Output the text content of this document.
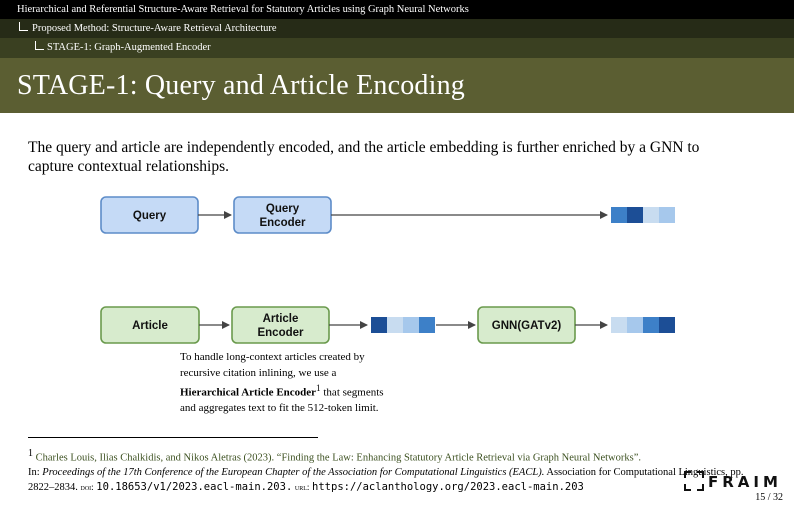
Hierarchical and Referential Structure-Aware Retrieval for Statutory Articles using Graph Neural Networks
Proposed Method: Structure-Aware Retrieval Architecture
STAGE-1: Graph-Augmented Encoder
STAGE-1: Query and Article Encoding
The query and article are independently encoded, and the article embedding is further enriched by a GNN to capture contextual relationships.
Query
Query
Encoder
Article
Article
Encoder
GNN(GATv2)
To handle long-context articles created by recursive citation inlining, we use a Hierarchical Article Encoder$^1$ that segments and aggregates text to fit the 512-token limit.
$^1$ Charles Louis, Ilias Chalkidis, and Nikos Aletras (2023). “Finding the Law: Enhancing Statutory Article Retrieval via Graph Neural Networks”.
In: Proceedings of the 17th Conference of the European Chapter of the Association for Computational Linguistics (EACL). Association for Computational Linguistics, pp. 2822–2834. doi: 10.18653/v1/2023.eacl-main.203. url: https://aclanthology.org/2023.eacl-main.203	FRAIM
15 / 32
